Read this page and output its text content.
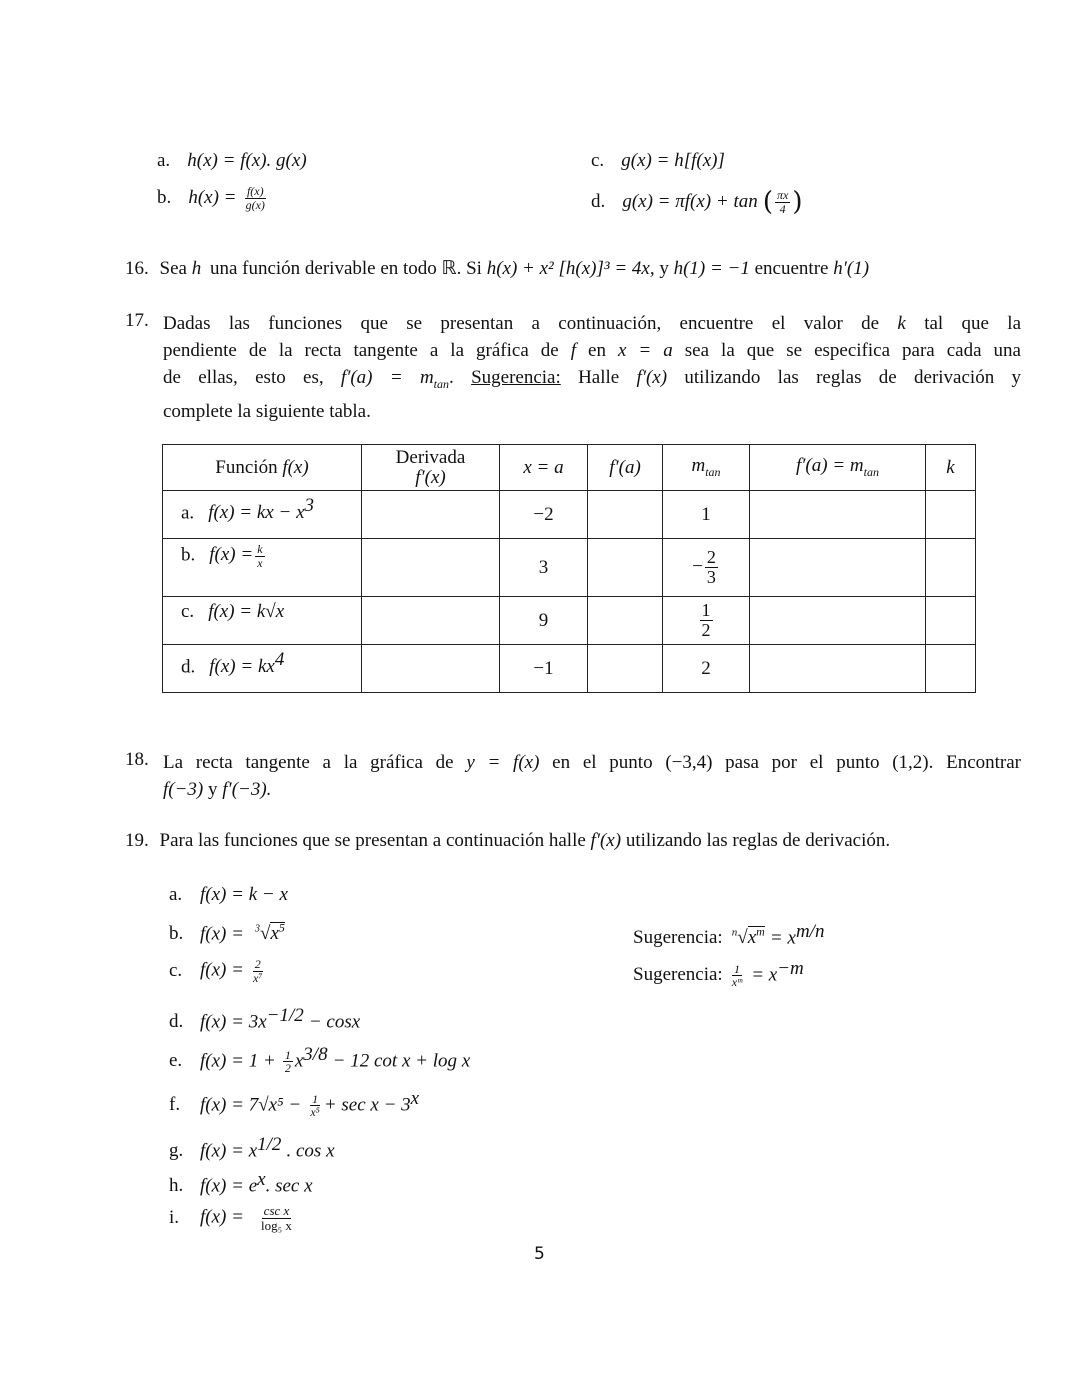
a. h(x) = f(x). g(x)
b. $h(x) = \frac{f(x)}{g(x)}$
c. g(x) = h[f(x)]
d. g(x) = πf(x) + tan ( $\frac{\pi x}{4}$ )
16. Sea h una función derivable en todo ℝ. Si h(x) + x² [h(x)]³ = 4x, y h(1) = −1 encuentre h′(1)
17. Dadas las funciones que se presentan a continuación, encuentre el valor de k tal que la
pendiente de la recta tangente a la gráfica de f en x = a sea la que se especifica para cada una
de ellas, esto es, $f'(a) = m_{tan}$. Sugerencia: Halle f′(x) utilizando las reglas de derivación y
complete la siguiente tabla.
Función f(x)	Derivada
f′(x)	x = a	f′(a)	$m_{tan}$	$f'(a) = m_{tan}$	k
a. f(x) = kx − $x^3$		−2		1		
b. $f(x) = \frac{k}{x}$		3		− $\frac{2}{3}$

c. f(x) = k√x		9		$\frac{1}{2}$

d. $f(x) = kx^4$		−1		2		
18. La recta tangente a la gráfica de y = f(x) en el punto (−3,4) pasa por el punto (1,2). Encontrar
f(−3) y f′(−3).
19. Para las funciones que se presentan a continuación halle f′(x) utilizando las reglas de derivación.
a. f(x) = k − x
b. $f(x) = ^3√x^5$
c. $f(x) = \frac{2}{\text{x⁷}}$
d. $f(x) = 3x^{-1/2} - \cos x$
e. $f(x) = 1 + \frac{1}{2} x^{3/8} - 12$ cot x + log x
f. $f(x) = 7√x^5 - \frac{1}{\text{x⁵}} + \sec x - 3^x$
g. $f(x) = x^{1/2}$ . cos x
h. $f(x) = e^x$. sec x
i. $f(x) = \frac{\text{csc x}}{\text{log₅ x}}$
Sugerencia: $^n√x^m = x^{m/n}$
Sugerencia: $\frac{1}{\text{xᵐ}} = x^{-m}$
5
